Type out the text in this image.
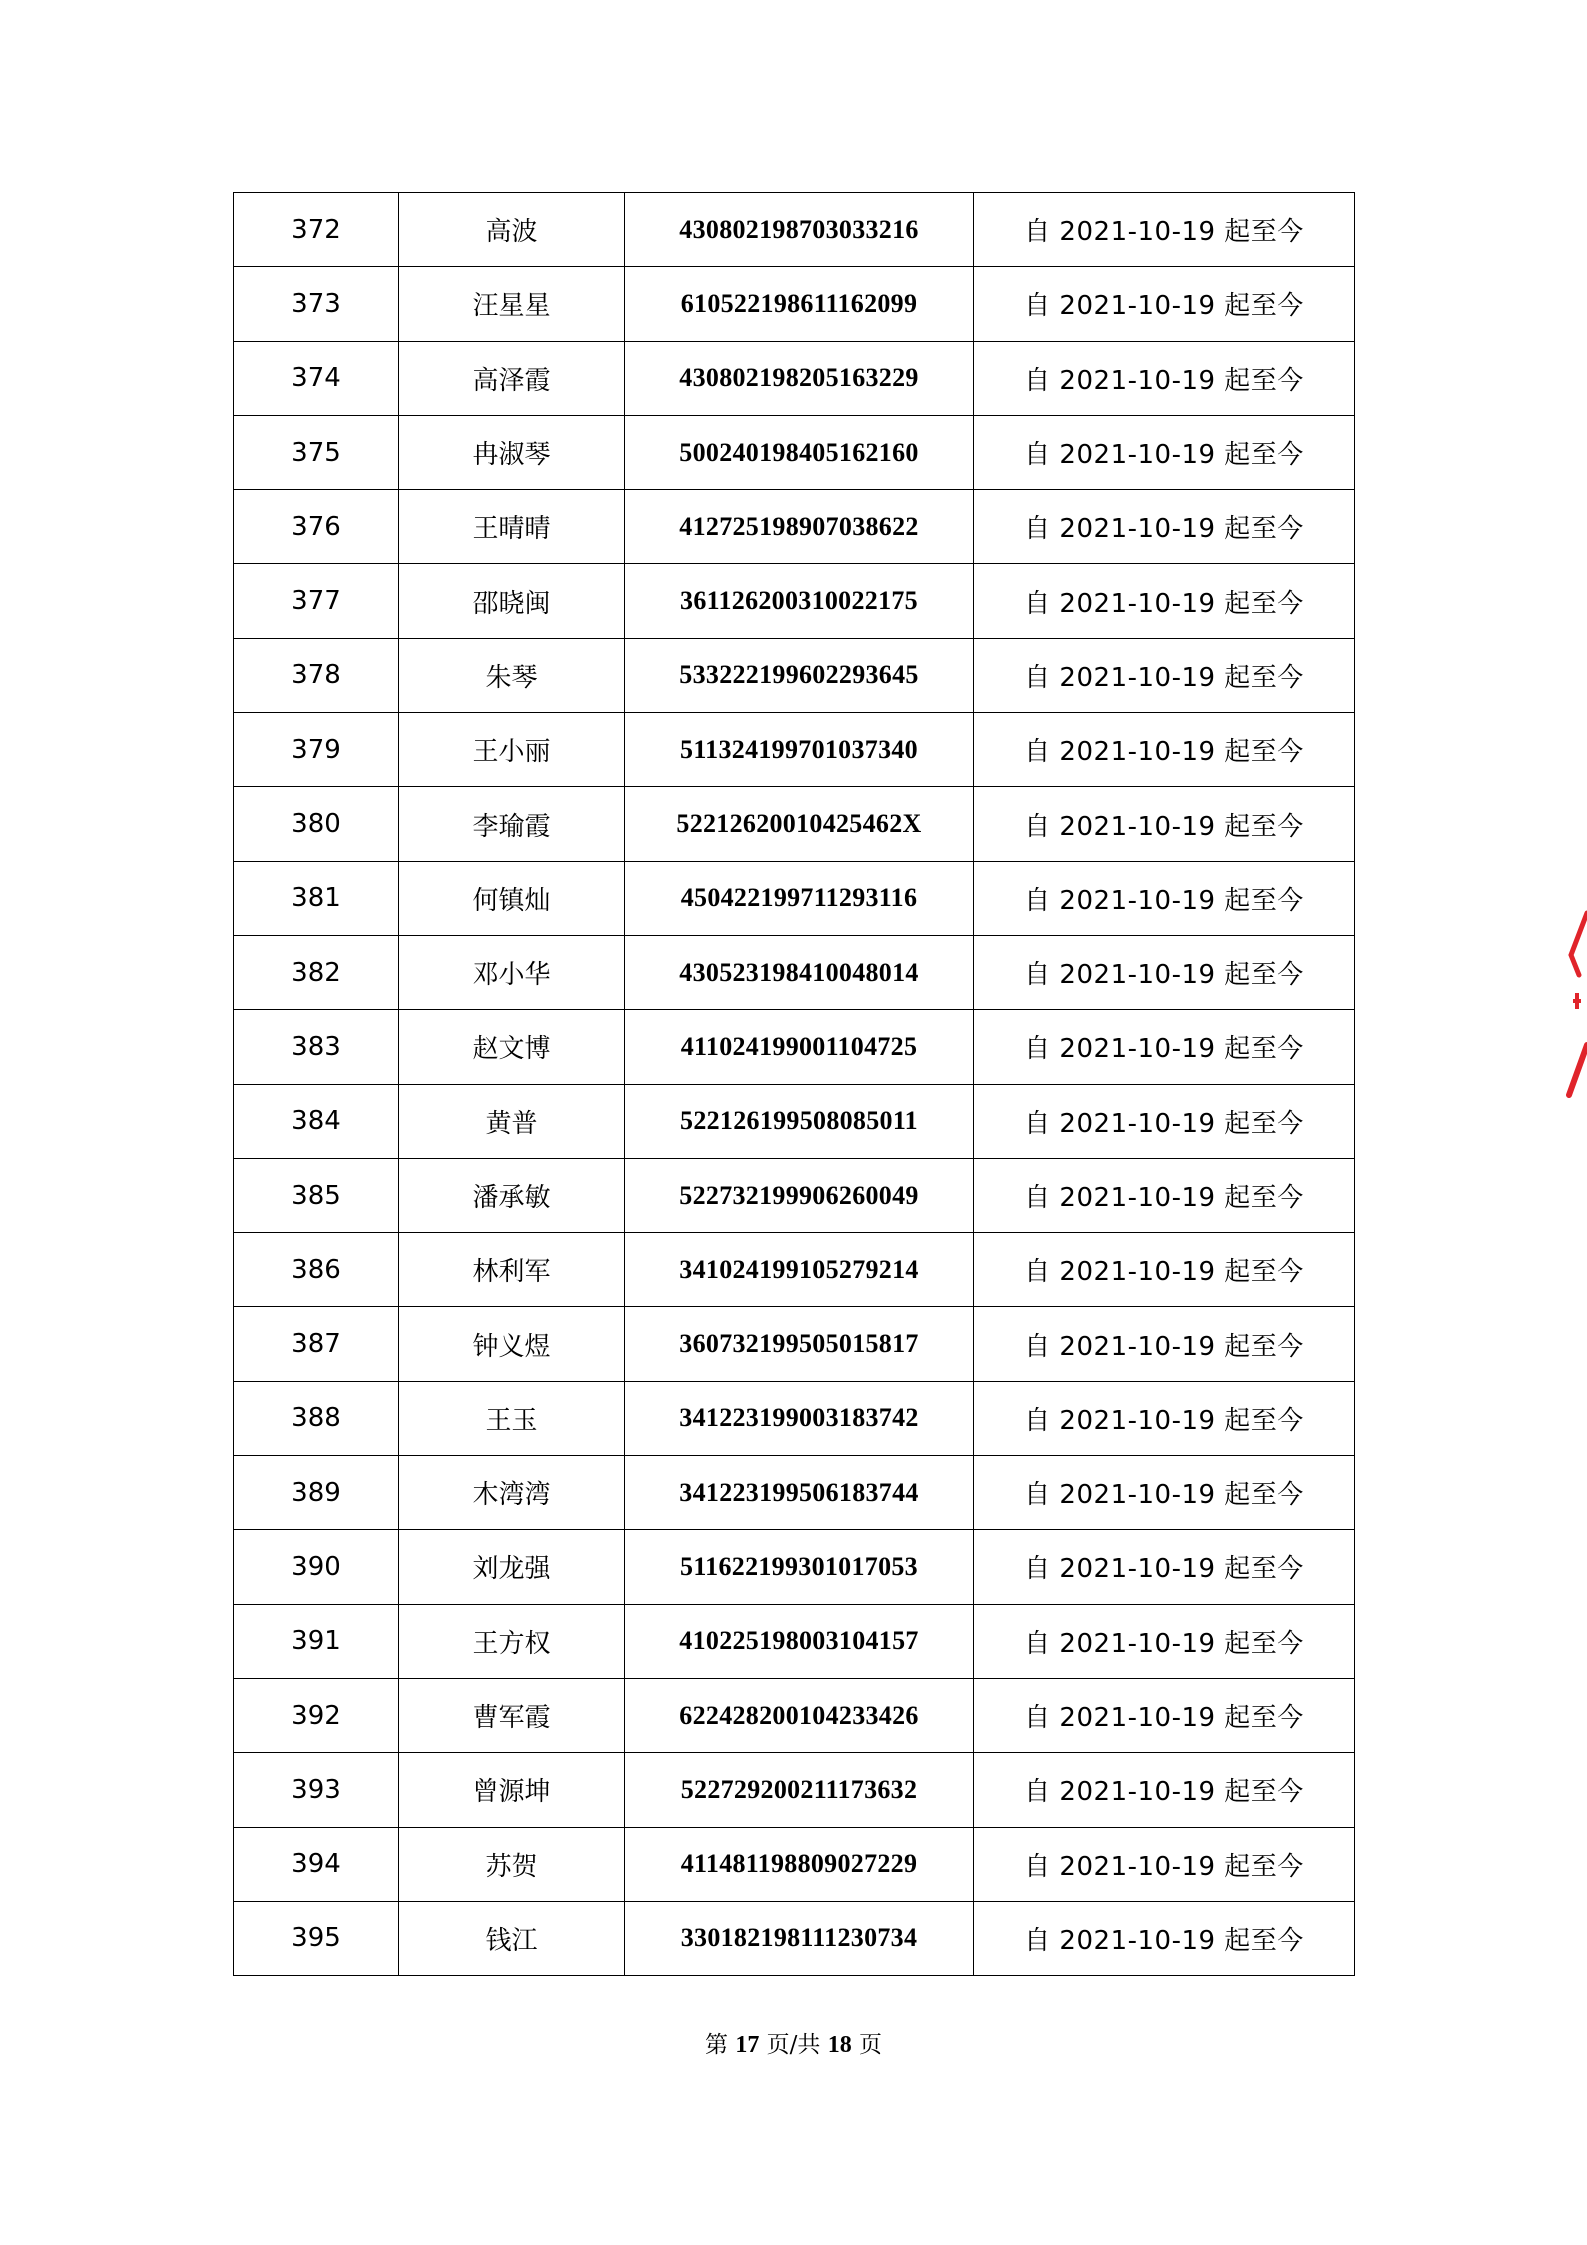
372	高波	430802198703033216	自 2021-10-19 起至今
373	汪星星	610522198611162099	自 2021-10-19 起至今
374	高泽霞	430802198205163229	自 2021-10-19 起至今
375	冉淑琴	500240198405162160	自 2021-10-19 起至今
376	王晴晴	412725198907038622	自 2021-10-19 起至今
377	邵晓闽	361126200310022175	自 2021-10-19 起至今
378	朱琴	533222199602293645	自 2021-10-19 起至今
379	王小丽	511324199701037340	自 2021-10-19 起至今
380	李瑜霞	52212620010425462X	自 2021-10-19 起至今
381	何镇灿	450422199711293116	自 2021-10-19 起至今
382	邓小华	430523198410048014	自 2021-10-19 起至今
383	赵文博	411024199001104725	自 2021-10-19 起至今
384	黄普	522126199508085011	自 2021-10-19 起至今
385	潘承敏	522732199906260049	自 2021-10-19 起至今
386	林利军	341024199105279214	自 2021-10-19 起至今
387	钟义煜	360732199505015817	自 2021-10-19 起至今
388	王玉	341223199003183742	自 2021-10-19 起至今
389	木湾湾	341223199506183744	自 2021-10-19 起至今
390	刘龙强	511622199301017053	自 2021-10-19 起至今
391	王方权	410225198003104157	自 2021-10-19 起至今
392	曹军霞	622428200104233426	自 2021-10-19 起至今
393	曾源坤	522729200211173632	自 2021-10-19 起至今
394	苏贺	411481198809027229	自 2021-10-19 起至今
395	钱江	330182198111230734	自 2021-10-19 起至今
第 17 页/共 18 页
